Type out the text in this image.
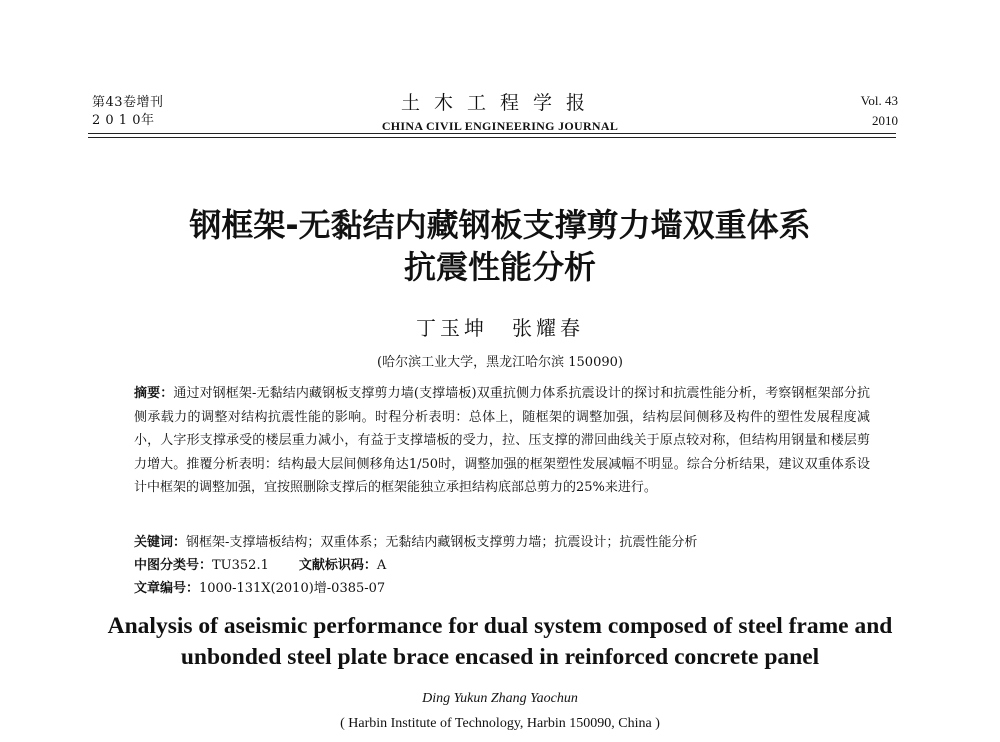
第43卷增刊
2 0 1 0年
土木工程学报
CHINA CIVIL ENGINEERING JOURNAL
Vol. 43
2010
钢框架-无黏结内藏钢板支撑剪力墙双重体系
抗震性能分析
丁玉坤　张耀春
(哈尔滨工业大学，黑龙江哈尔滨 150090)
摘要：通过对钢框架-无黏结内藏钢板支撑剪力墙(支撑墙板)双重抗侧力体系抗震设计的探讨和抗震性能分析，考察钢框架部分抗侧承载力的调整对结构抗震性能的影响。时程分析表明：总体上，随框架的调整加强，结构层间侧移及构件的塑性发展程度减小，人字形支撑承受的楼层重力减小，有益于支撑墙板的受力，拉、压支撑的滞回曲线关于原点较对称，但结构用钢量和楼层剪力增大。推覆分析表明：结构最大层间侧移角达1/50时，调整加强的框架塑性发展减幅不明显。综合分析结果，建议双重体系设计中框架的调整加强，宜按照删除支撑后的框架能独立承担结构底部总剪力的25%来进行。
关键词：钢框架-支撑墙板结构；双重体系；无黏结内藏钢板支撑剪力墙；抗震设计；抗震性能分析
中图分类号：TU352.1 文献标识码：A
文章编号：1000-131X(2010)增-0385-07
Analysis of aseismic performance for dual system composed of steel frame and
unbonded steel plate brace encased in reinforced concrete panel
Ding Yukun Zhang Yaochun
( Harbin Institute of Technology, Harbin 150090, China )
